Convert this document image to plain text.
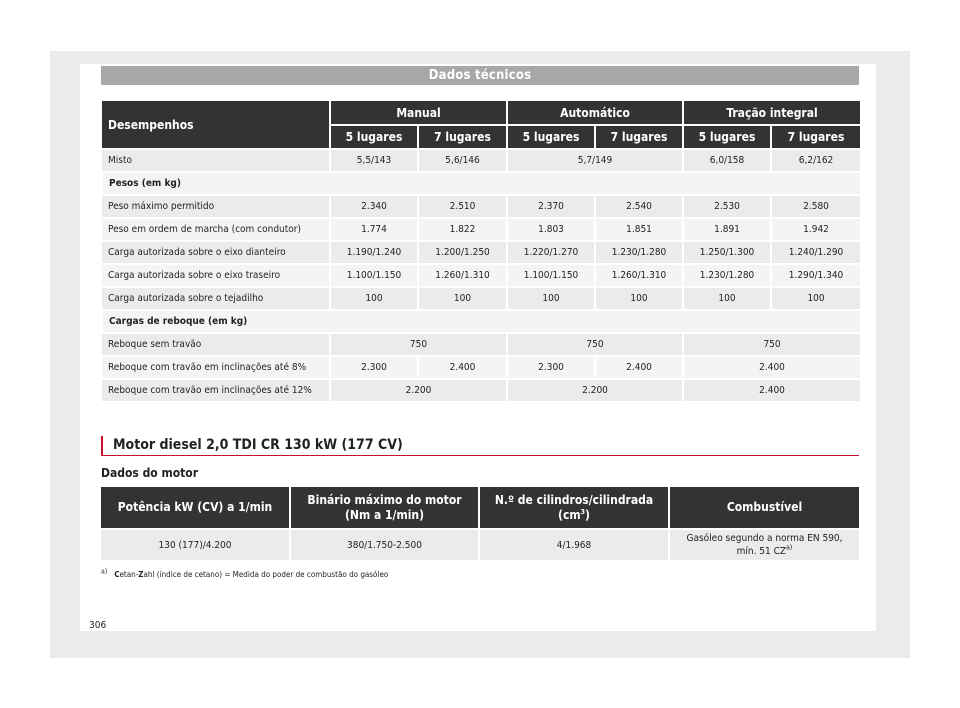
Dados técnicos
Desempenhos	Manual		Automático		Tração integral	
	5 lugares	7 lugares	5 lugares	7 lugares	5 lugares	7 lugares
Misto	5,5/143	5,6/146	5,7/149		6,0/158	6,2/162
Pesos (em kg)						
Peso máximo permitido	2.340	2.510	2.370	2.540	2.530	2.580
Peso em ordem de marcha (com condutor)	1.774	1.822	1.803	1.851	1.891	1.942
Carga autorizada sobre o eixo dianteiro	1.190/1.240	1.200/1.250	1.220/1.270	1.230/1.280	1.250/1.300	1.240/1.290
Carga autorizada sobre o eixo traseiro	1.100/1.150	1.260/1.310	1.100/1.150	1.260/1.310	1.230/1.280	1.290/1.340
Carga autorizada sobre o tejadilho	100	100	100	100	100	100
Cargas de reboque (em kg)						
Reboque sem travão	750		750		750	
Reboque com travão em inclinações até 8%	2.300	2.400	2.300	2.400	2.400	
Reboque com travão em inclinações até 12%	2.200		2.200		2.400	
Motor diesel 2,0 TDI CR 130 kW (177 CV)
Dados do motor
Potência kW (CV) a 1/min	Binário máximo do motor (Nm a 1/min)	N.º de cilindros/cilindrada $(cm^3)$	Combustível
130 (177)/4.200	380/1.750-2.500	4/1.968	Gasóleo segundo a norma EN 590, mín. 51 CZ$^{a)}$
$^{a)}$ Cetan-Zahl (índice de cetano) = Medida do poder de combustão do gasóleo
306
